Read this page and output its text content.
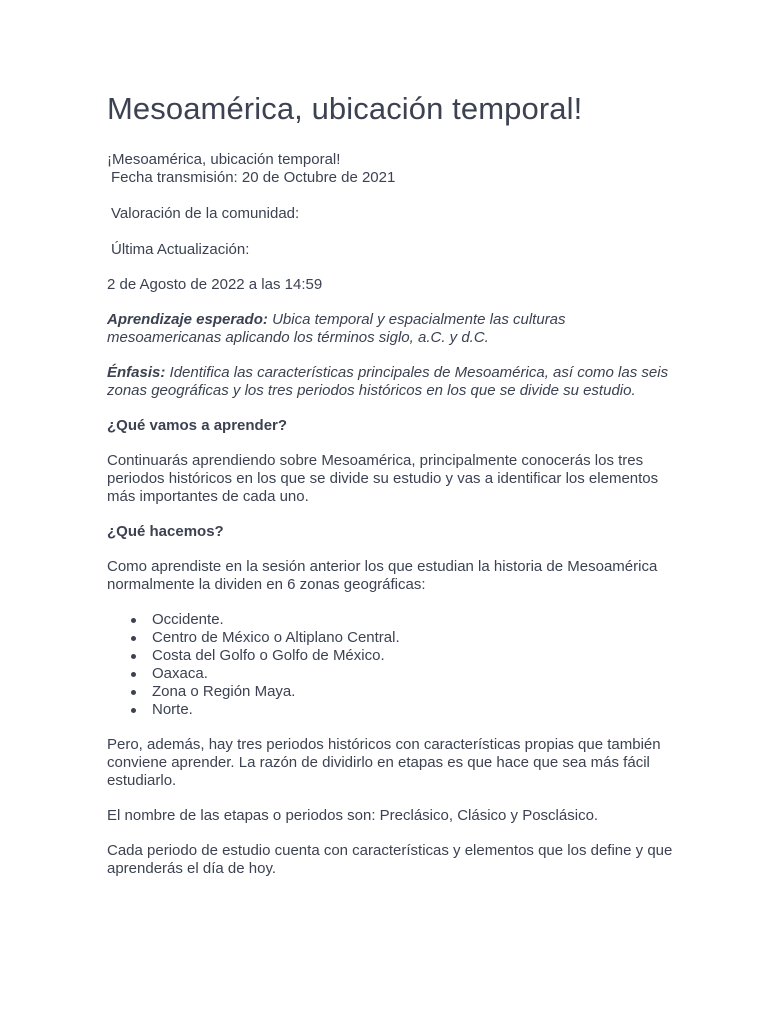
Mesoamérica, ubicación temporal!

¡Mesoamérica, ubicación temporal!

Fecha transmisión: 20 de Octubre de 2021

Valoración de la comunidad:

Última Actualización:

2 de Agosto de 2022 a las 14:59

Aprendizaje esperado: Ubica temporal y espacialmente las culturas mesoamericanas aplicando los términos siglo, a.C. y d.C.

Énfasis: Identifica las características principales de Mesoamérica, así como las seis zonas geográficas y los tres periodos históricos en los que se divide su estudio.

¿Qué vamos a aprender?

Continuarás aprendiendo sobre Mesoamérica, principalmente conocerás los tres periodos históricos en los que se divide su estudio y vas a identificar los elementos más importantes de cada uno.

¿Qué hacemos?

Como aprendiste en la sesión anterior los que estudian la historia de Mesoamérica normalmente la dividen en 6 zonas geográficas:

Occidente.
Centro de México o Altiplano Central.
Costa del Golfo o Golfo de México.
Oaxaca.
Zona o Región Maya.
Norte.

Pero, además, hay tres periodos históricos con características propias que también conviene aprender. La razón de dividirlo en etapas es que hace que sea más fácil estudiarlo.

El nombre de las etapas o periodos son: Preclásico, Clásico y Posclásico.

Cada periodo de estudio cuenta con características y elementos que los define y que aprenderás el día de hoy.
